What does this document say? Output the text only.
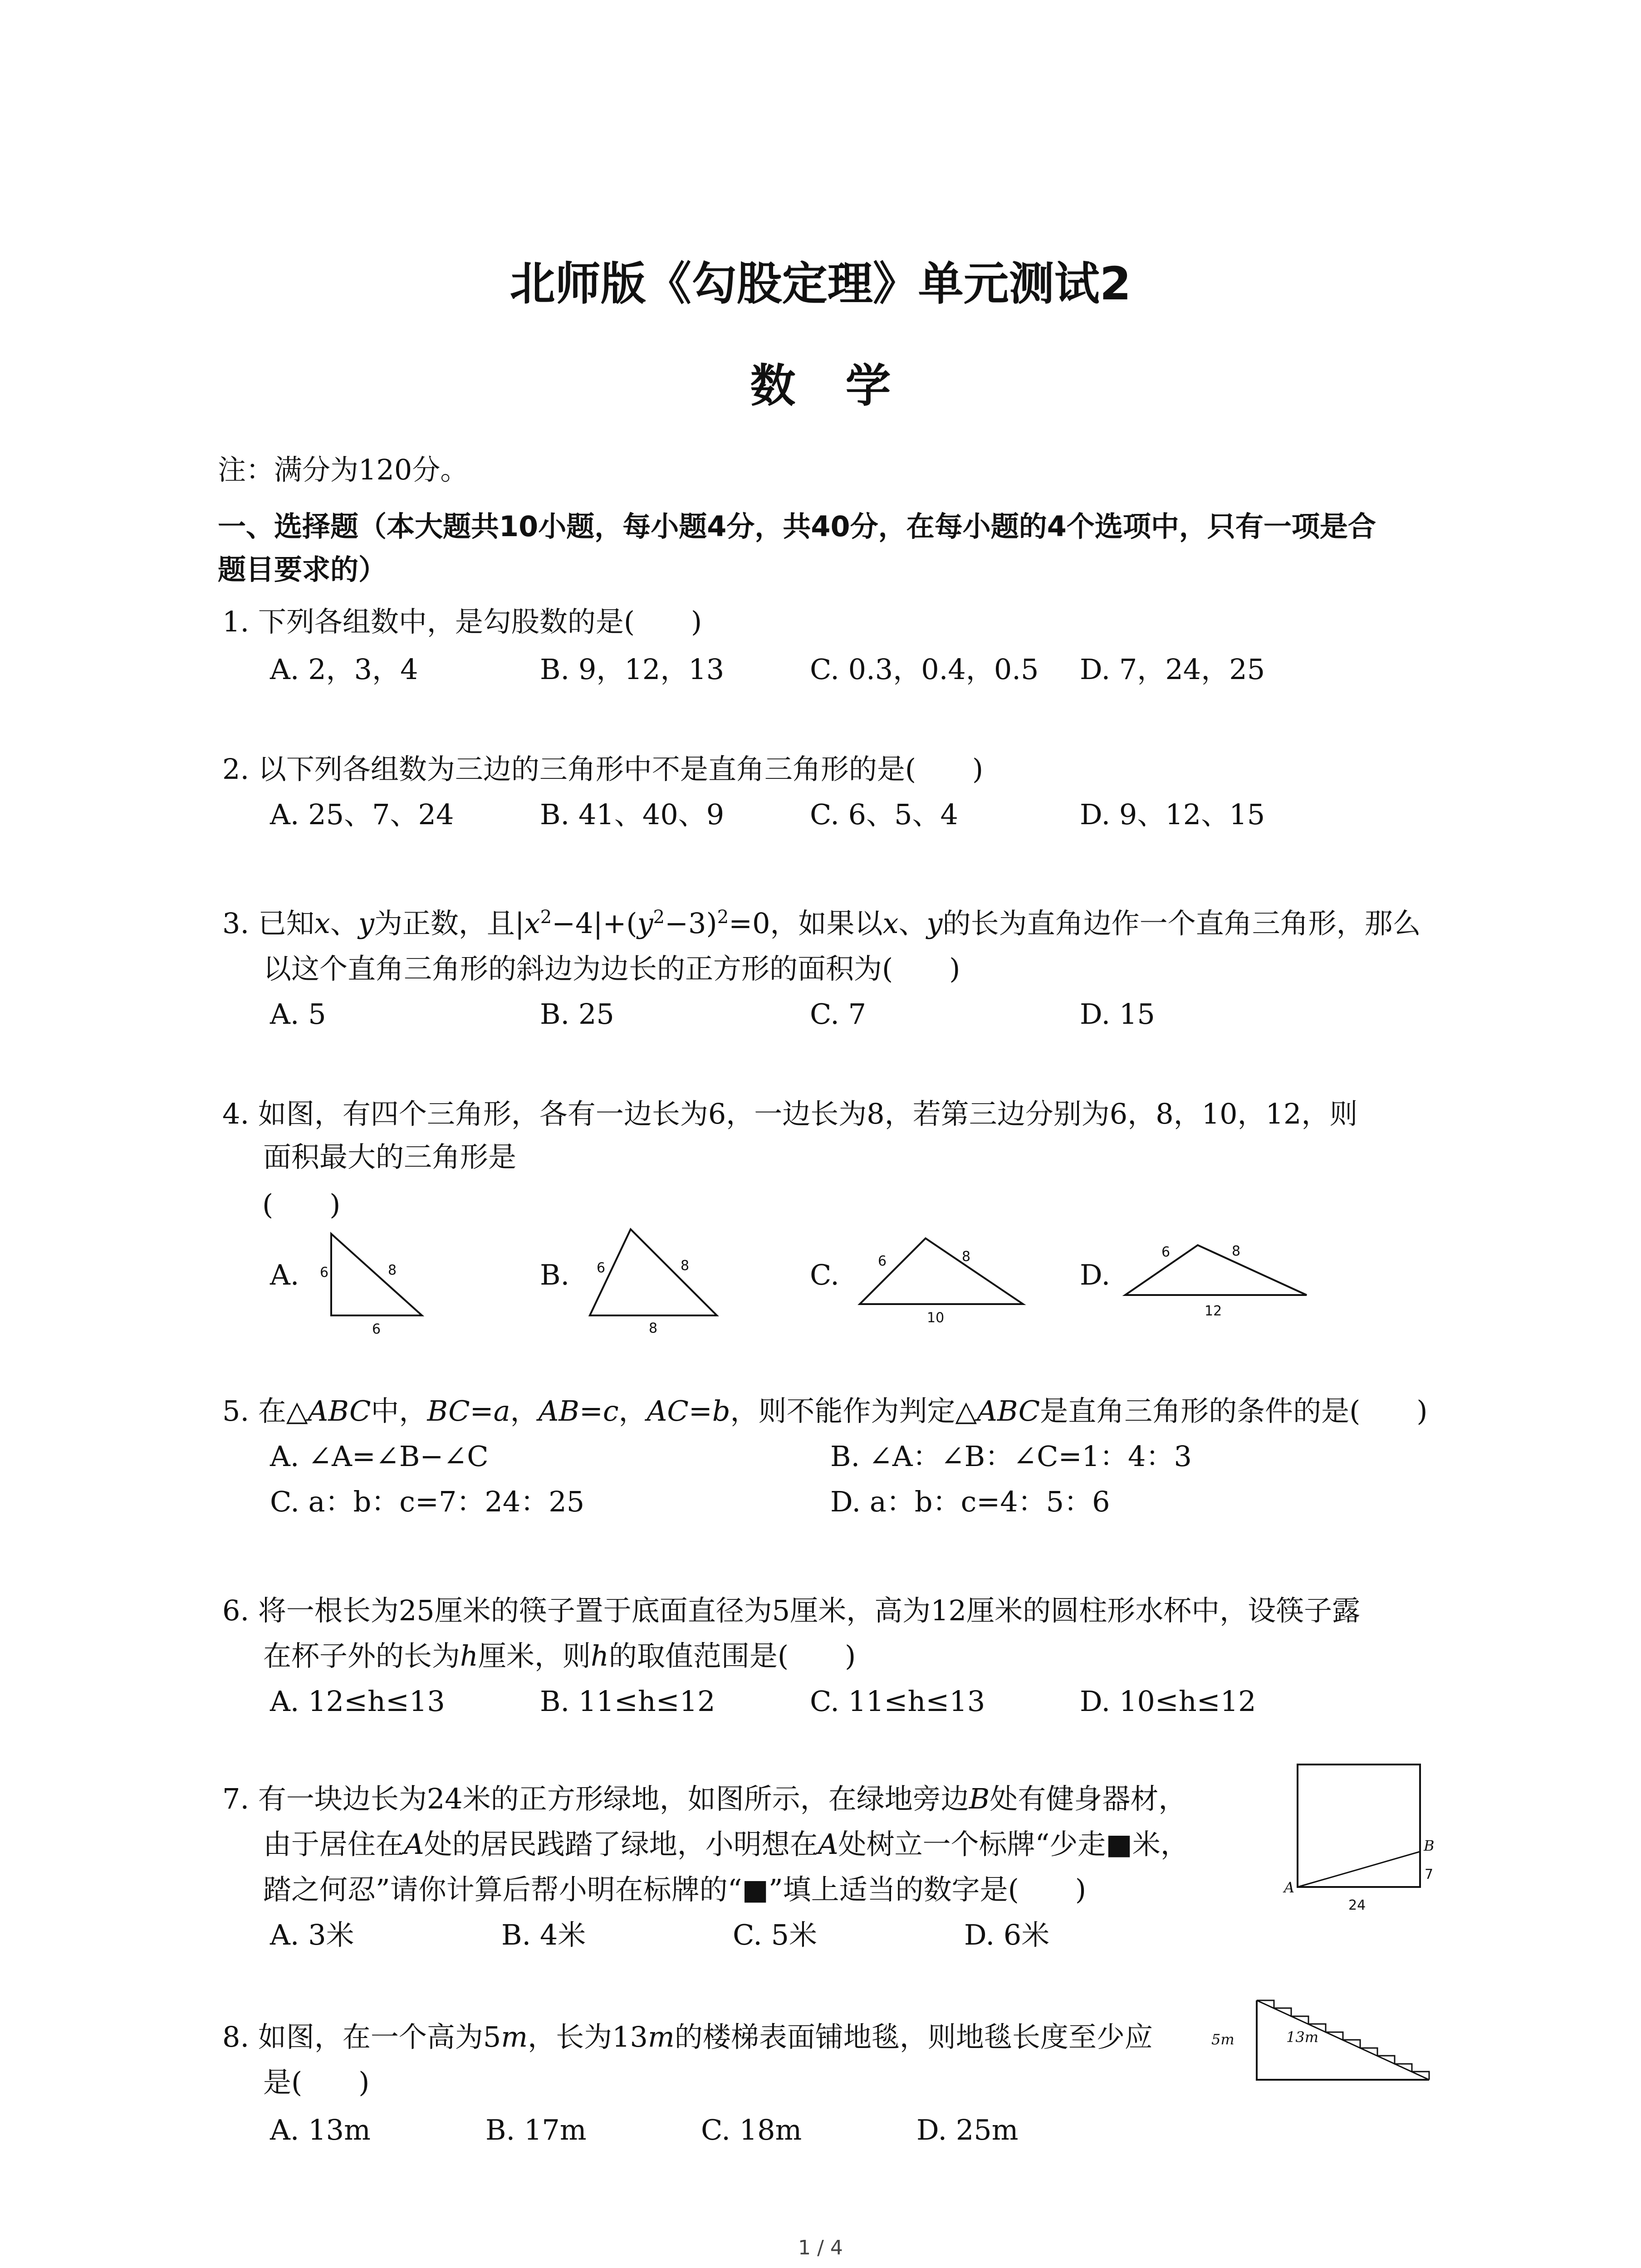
北师版《勾股定理》单元测试2
数学
注：满分为120分。
一、选择题（本大题共10小题，每小题4分，共40分，在每小题的4个选项中，只有一项是合
题目要求的）
1. 下列各组数中，是勾股数的是(　　)
A. 2，3，4	B. 9，12，13	C. 0.3，0.4，0.5 D. 7，24，25
2. 以下列各组数为三边的三角形中不是直角三角形的是(　　)
A. 25、7、24	B. 41、40、9	C. 6、5、4	D. 9、12、15
3. 已知x、y为正数，且$|x^2-4|+(y^2-3)^2=0$，如果以x、y的长为直角边作一个直角三角形，那么
以这个直角三角形的斜边为边长的正方形的面积为(　　)
A. 5	B. 25	C. 7	D. 15
4. 如图，有四个三角形，各有一边长为6，一边长为8，若第三边分别为6，8，10，12，则
面积最大的三角形是
(　　)
A.	B.	C.	D.
6	8
6
6	8
8
6	8
10
6	8
12
5. 在△ABC中，BC=a，AB=c，AC=b，则不能作为判定△ABC是直角三角形的条件的是(　　)
A. ∠A=∠B−∠C	B. ∠A：∠B：∠C=1：4：3
C. a：b：c=7：24：25	D. a：b：c=4：5：6
6. 将一根长为25厘米的筷子置于底面直径为5厘米，高为12厘米的圆柱形水杯中，设筷子露
在杯子外的长为h厘米，则h的取值范围是(　　)
A. 12≤h≤13	B. 11≤h≤12	C. 11≤h≤13	D. 10≤h≤12
7. 有一块边长为24米的正方形绿地，如图所示，在绿地旁边B处有健身器材，
由于居住在A处的居民践踏了绿地，小明想在A处树立一个标牌“少走■米，
踏之何忍”请你计算后帮小明在标牌的“■”填上适当的数字是(　　)
A. 3米	B. 4米	C. 5米	D. 6米
A
B
7
24
8. 如图，在一个高为5m，长为13m的楼梯表面铺地毯，则地毯长度至少应
是(　　)
A. 13m	B. 17m	C. 18m	D. 25m
5m	13m
1 / 4
